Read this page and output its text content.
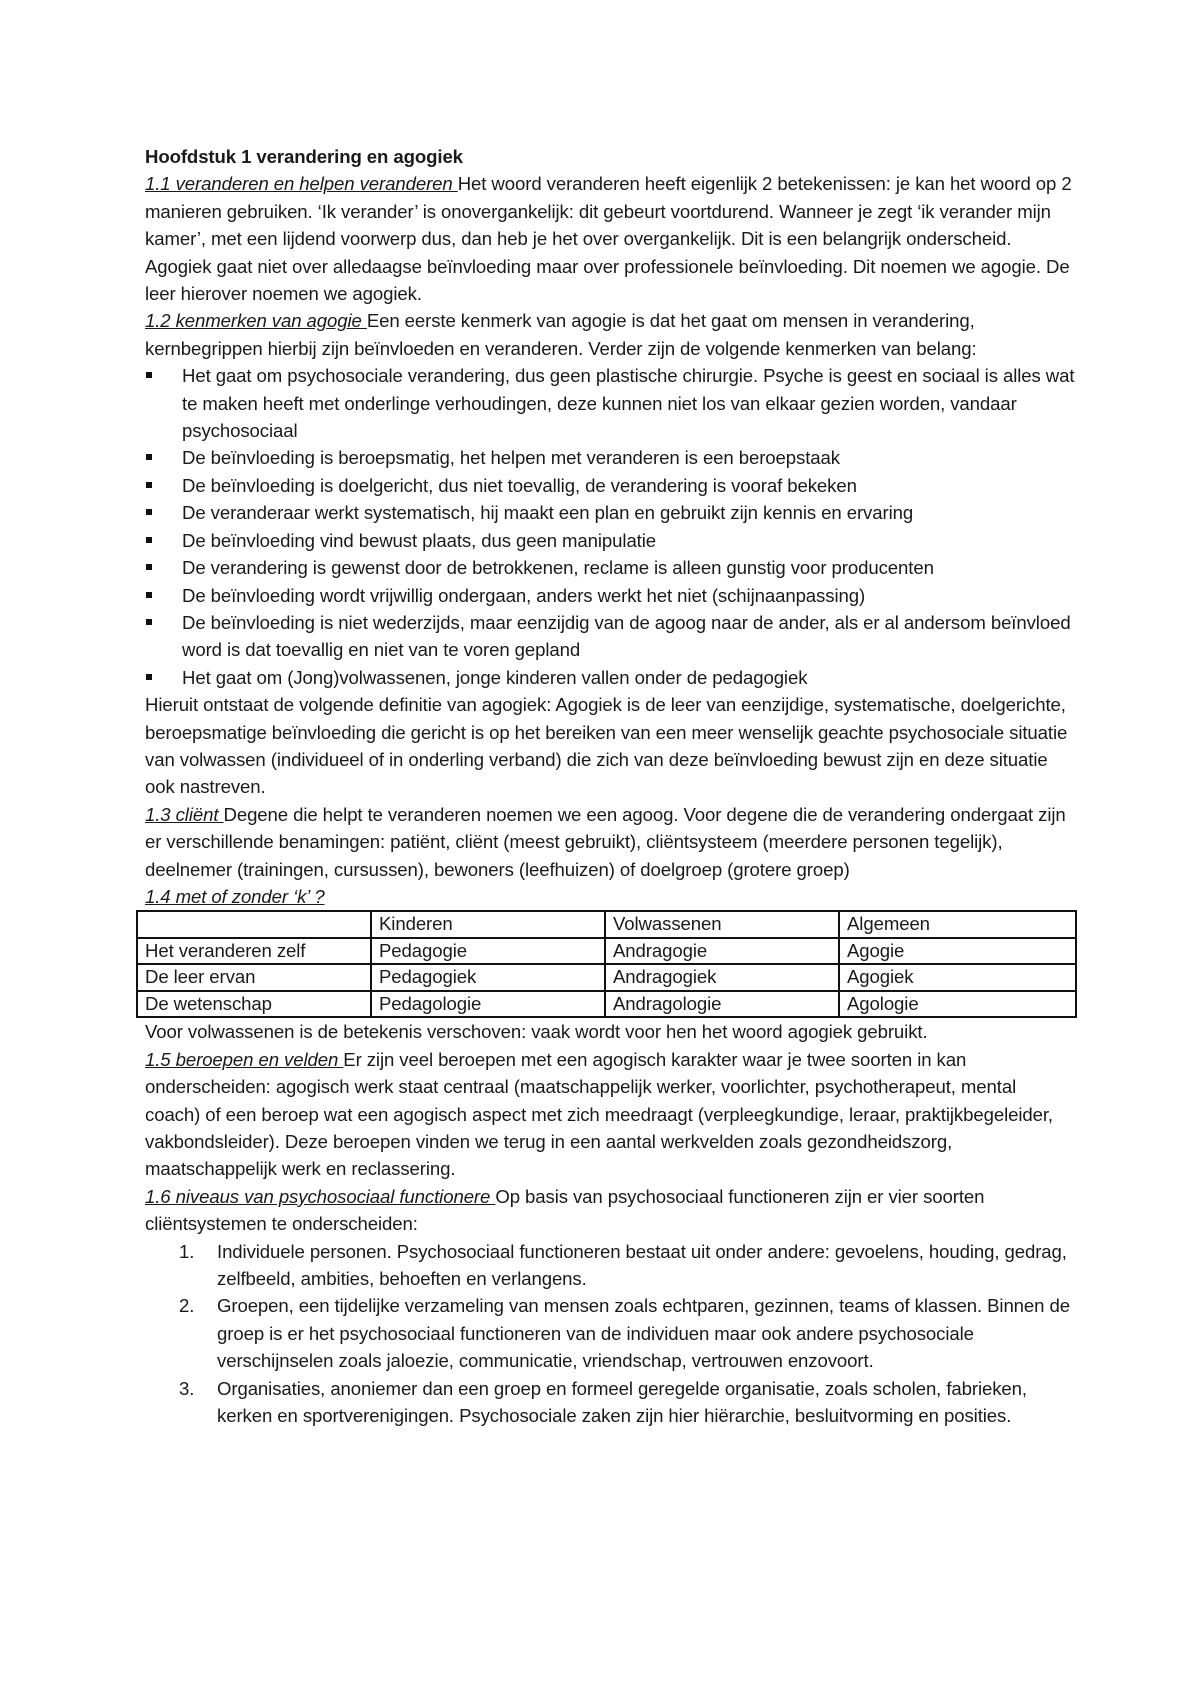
Hoofdstuk 1 verandering en agogiek

1.1 veranderen en helpen veranderen Het woord veranderen heeft eigenlijk 2 betekenissen: je kan het woord op 2 manieren gebruiken. ‘Ik verander’ is onovergankelijk: dit gebeurt voortdurend. Wanneer je zegt ‘ik verander mijn kamer’, met een lijdend voorwerp dus, dan heb je het over overgankelijk. Dit is een belangrijk onderscheid. Agogiek gaat niet over alledaagse beïnvloeding maar over professionele beïnvloeding. Dit noemen we agogie. De leer hierover noemen we agogiek.

1.2 kenmerken van agogie Een eerste kenmerk van agogie is dat het gaat om mensen in verandering, kernbegrippen hierbij zijn beïnvloeden en veranderen. Verder zijn de volgende kenmerken van belang:

Het gaat om psychosociale verandering, dus geen plastische chirurgie. Psyche is geest en sociaal is alles wat te maken heeft met onderlinge verhoudingen, deze kunnen niet los van elkaar gezien worden, vandaar psychosociaal
De beïnvloeding is beroepsmatig, het helpen met veranderen is een beroepstaak
De beïnvloeding is doelgericht, dus niet toevallig, de verandering is vooraf bekeken
De veranderaar werkt systematisch, hij maakt een plan en gebruikt zijn kennis en ervaring
De beïnvloeding vind bewust plaats, dus geen manipulatie
De verandering is gewenst door de betrokkenen, reclame is alleen gunstig voor producenten
De beïnvloeding wordt vrijwillig ondergaan, anders werkt het niet (schijnaanpassing)
De beïnvloeding is niet wederzijds, maar eenzijdig van de agoog naar de ander, als er al andersom beïnvloed word is dat toevallig en niet van te voren gepland
Het gaat om (Jong)volwassenen, jonge kinderen vallen onder de pedagogiek

Hieruit ontstaat de volgende definitie van agogiek: Agogiek is de leer van eenzijdige, systematische, doelgerichte, beroepsmatige beïnvloeding die gericht is op het bereiken van een meer wenselijk geachte psychosociale situatie van volwassen (individueel of in onderling verband) die zich van deze beïnvloeding bewust zijn en deze situatie ook nastreven.

1.3 cliënt Degene die helpt te veranderen noemen we een agoog. Voor degene die de verandering ondergaat zijn er verschillende benamingen: patiënt, cliënt (meest gebruikt), cliëntsysteem (meerdere personen tegelijk), deelnemer (trainingen, cursussen), bewoners (leefhuizen) of doelgroep (grotere groep)

1.4 met of zonder ‘k’ ?

	Kinderen	Volwassenen	Algemeen
Het veranderen zelf	Pedagogie	Andragogie	Agogie
De leer ervan	Pedagogiek	Andragogiek	Agogiek
De wetenschap	Pedagologie	Andragologie	Agologie

Voor volwassenen is de betekenis verschoven: vaak wordt voor hen het woord agogiek gebruikt.

1.5 beroepen en velden Er zijn veel beroepen met een agogisch karakter waar je twee soorten in kan onderscheiden: agogisch werk staat centraal (maatschappelijk werker, voorlichter, psychotherapeut, mental coach) of een beroep wat een agogisch aspect met zich meedraagt (verpleegkundige, leraar, praktijkbegeleider, vakbondsleider). Deze beroepen vinden we terug in een aantal werkvelden zoals gezondheidszorg, maatschappelijk werk en reclassering.

1.6 niveaus van psychosociaal functionere Op basis van psychosociaal functioneren zijn er vier soorten cliëntsystemen te onderscheiden:

1. Individuele personen. Psychosociaal functioneren bestaat uit onder andere: gevoelens, houding, gedrag, zelfbeeld, ambities, behoeften en verlangens.
2. Groepen, een tijdelijke verzameling van mensen zoals echtparen, gezinnen, teams of klassen. Binnen de groep is er het psychosociaal functioneren van de individuen maar ook andere psychosociale verschijnselen zoals jaloezie, communicatie, vriendschap, vertrouwen enzovoort.
3. Organisaties, anoniemer dan een groep en formeel geregelde organisatie, zoals scholen, fabrieken, kerken en sportverenigingen. Psychosociale zaken zijn hier hiërarchie, besluitvorming en posities.
